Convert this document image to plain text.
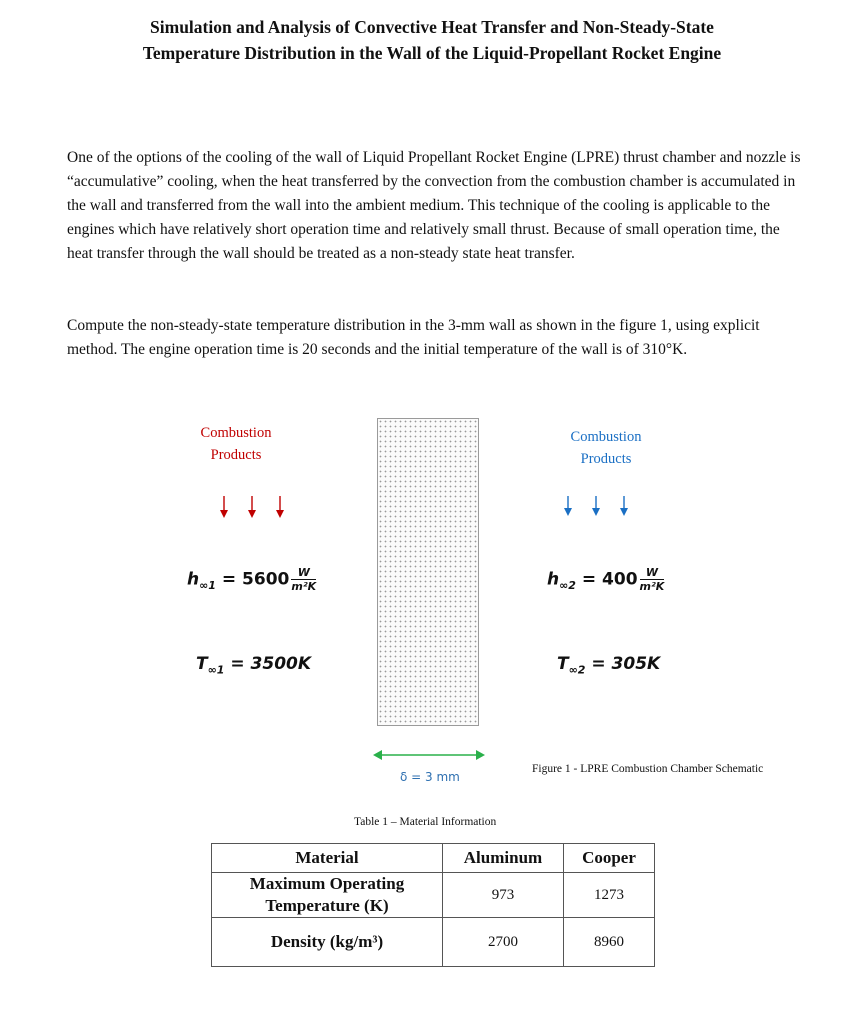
Simulation and Analysis of Convective Heat Transfer and Non-Steady-State
Temperature Distribution in the Wall of the Liquid-Propellant Rocket Engine

One of the options of the cooling of the wall of Liquid Propellant Rocket Engine (LPRE) thrust chamber and nozzle is “accumulative” cooling, when the heat transferred by the convection from the combustion chamber is accumulated in the wall and transferred from the wall into the ambient medium. This technique of the cooling is applicable to the engines which have relatively short operation time and relatively small thrust. Because of small operation time, the heat transfer through the wall should be treated as a non-steady state heat transfer.

Compute the non-steady-state temperature distribution in the 3-mm wall as shown in the figure 1, using explicit method. The engine operation time is 20 seconds and the initial temperature of the wall is of 310°K.

Combustion
Products
Combustion
Products
$h_{\infty 1} = 5600 \frac{W}{\text{m²K}}$	$h_{\infty 2} = 400 \frac{W}{\text{m²K}}$
$T_{\infty 1} = 3500K$	$T_{\infty 2} = 305K$
δ = 3 mm
Figure 1 - LPRE Combustion Chamber Schematic
Table 1 – Material Information
Material	Aluminum	Cooper

Maximum Operating
Temperature (K)	973	1273
Density (kg/m³)	2700	8960
